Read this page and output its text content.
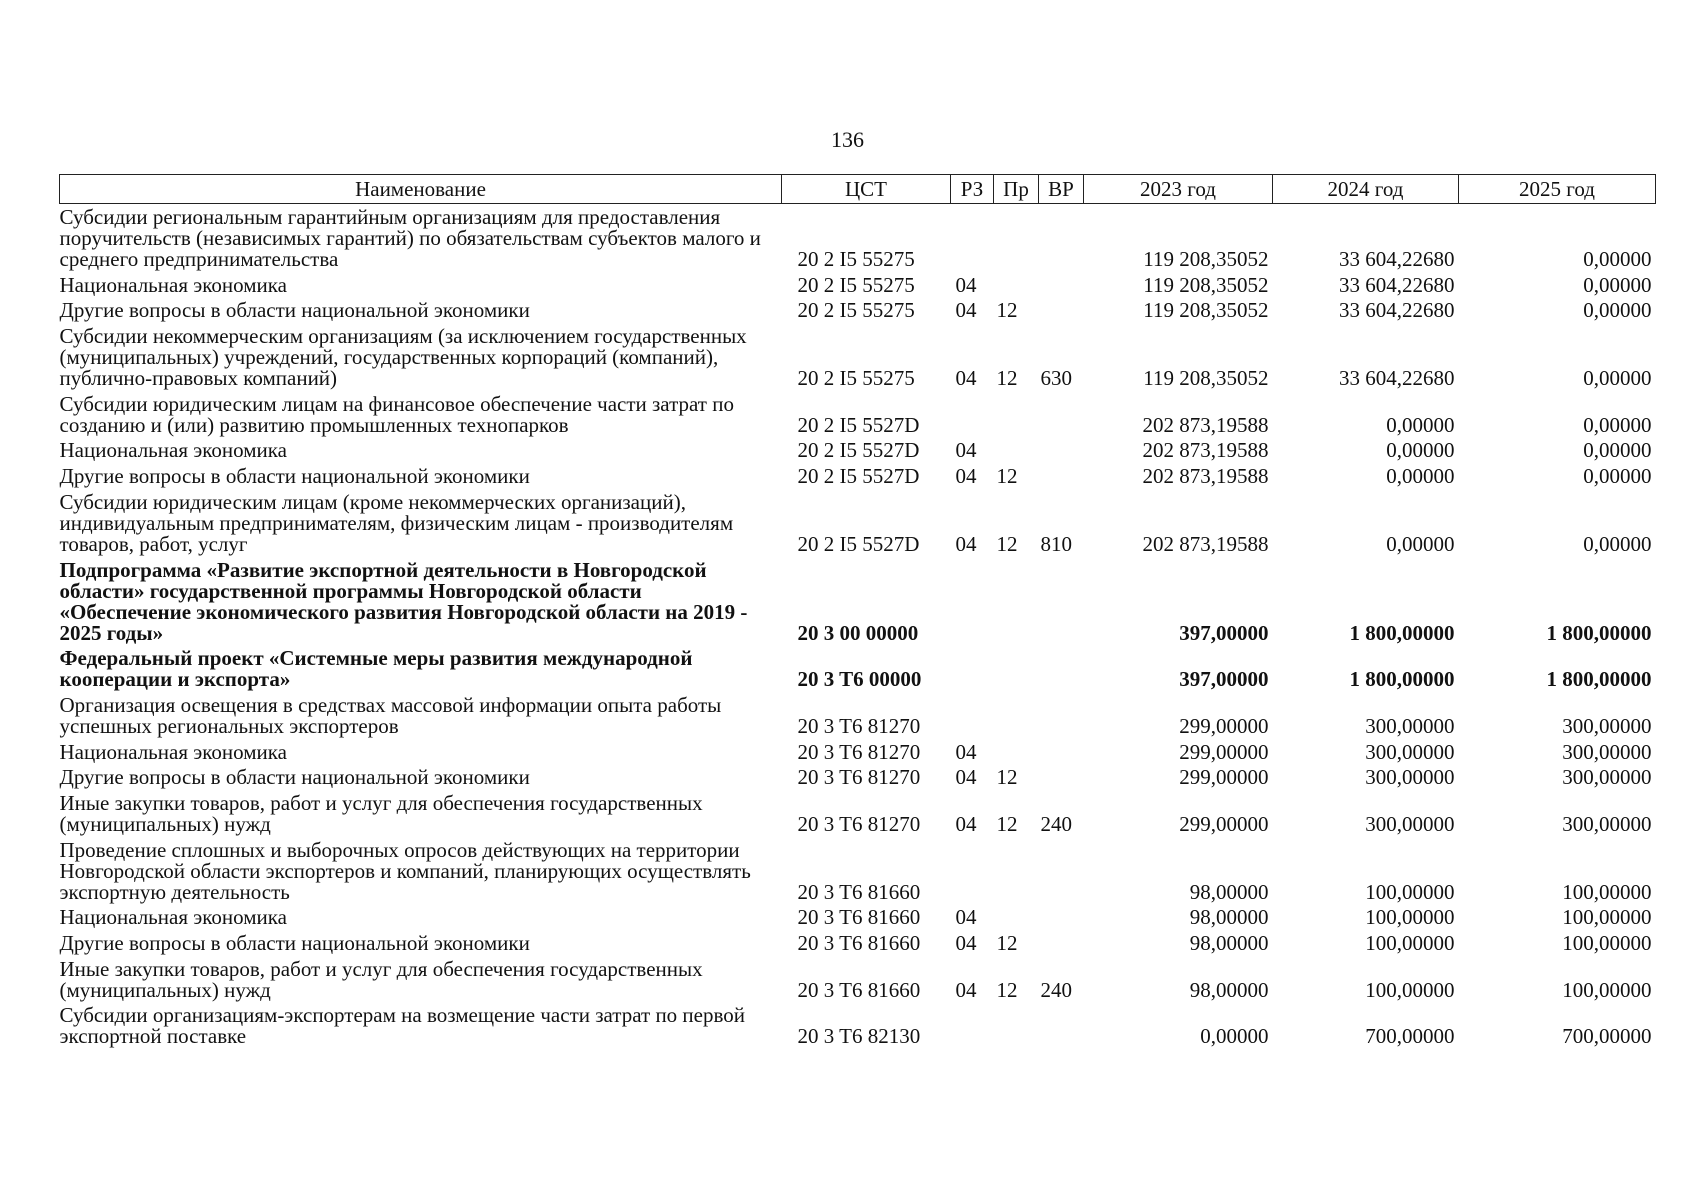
136
Наименование	ЦСТ	РЗ	Пр	ВР	2023 год	2024 год	2025 год
Субсидии региональным гарантийным организациям для предоставления поручительств (независимых гарантий) по обязательствам субъектов малого и среднего предпринимательства	20 2 I5 55275				119 208,35052	33 604,22680	0,00000
Национальная экономика	20 2 I5 55275	04			119 208,35052	33 604,22680	0,00000
Другие вопросы в области национальной экономики	20 2 I5 55275	04	12		119 208,35052	33 604,22680	0,00000
Субсидии некоммерческим организациям (за исключением государственных (муниципальных) учреждений, государственных корпораций (компаний), публично-правовых компаний)	20 2 I5 55275	04	12	630	119 208,35052	33 604,22680	0,00000
Субсидии юридическим лицам на финансовое обеспечение части затрат по созданию и (или) развитию промышленных технопарков	20 2 I5 5527D				202 873,19588	0,00000	0,00000
Национальная экономика	20 2 I5 5527D	04			202 873,19588	0,00000	0,00000
Другие вопросы в области национальной экономики	20 2 I5 5527D	04	12		202 873,19588	0,00000	0,00000
Субсидии юридическим лицам (кроме некоммерческих организаций), индивидуальным предпринимателям, физическим лицам - производителям товаров, работ, услуг	20 2 I5 5527D	04	12	810	202 873,19588	0,00000	0,00000
Подпрограмма «Развитие экспортной деятельности в Новгородской области» государственной программы Новгородской области «Обеспечение экономического развития Новгородской области на 2019 - 2025 годы»	20 3 00 00000				397,00000	1 800,00000	1 800,00000
Федеральный проект «Системные меры развития международной кооперации и экспорта»	20 3 T6 00000				397,00000	1 800,00000	1 800,00000
Организация освещения в средствах массовой информации опыта работы успешных региональных экспортеров	20 3 T6 81270				299,00000	300,00000	300,00000
Национальная экономика	20 3 T6 81270	04			299,00000	300,00000	300,00000
Другие вопросы в области национальной экономики	20 3 T6 81270	04	12		299,00000	300,00000	300,00000
Иные закупки товаров, работ и услуг для обеспечения государственных (муниципальных) нужд	20 3 T6 81270	04	12	240	299,00000	300,00000	300,00000
Проведение сплошных и выборочных опросов действующих на территории Новгородской области экспортеров и компаний, планирующих осуществлять экспортную деятельность	20 3 T6 81660				98,00000	100,00000	100,00000
Национальная экономика	20 3 T6 81660	04			98,00000	100,00000	100,00000
Другие вопросы в области национальной экономики	20 3 T6 81660	04	12		98,00000	100,00000	100,00000
Иные закупки товаров, работ и услуг для обеспечения государственных (муниципальных) нужд	20 3 T6 81660	04	12	240	98,00000	100,00000	100,00000
Субсидии организациям-экспортерам на возмещение части затрат по первой экспортной поставке	20 3 T6 82130				0,00000	700,00000	700,00000
